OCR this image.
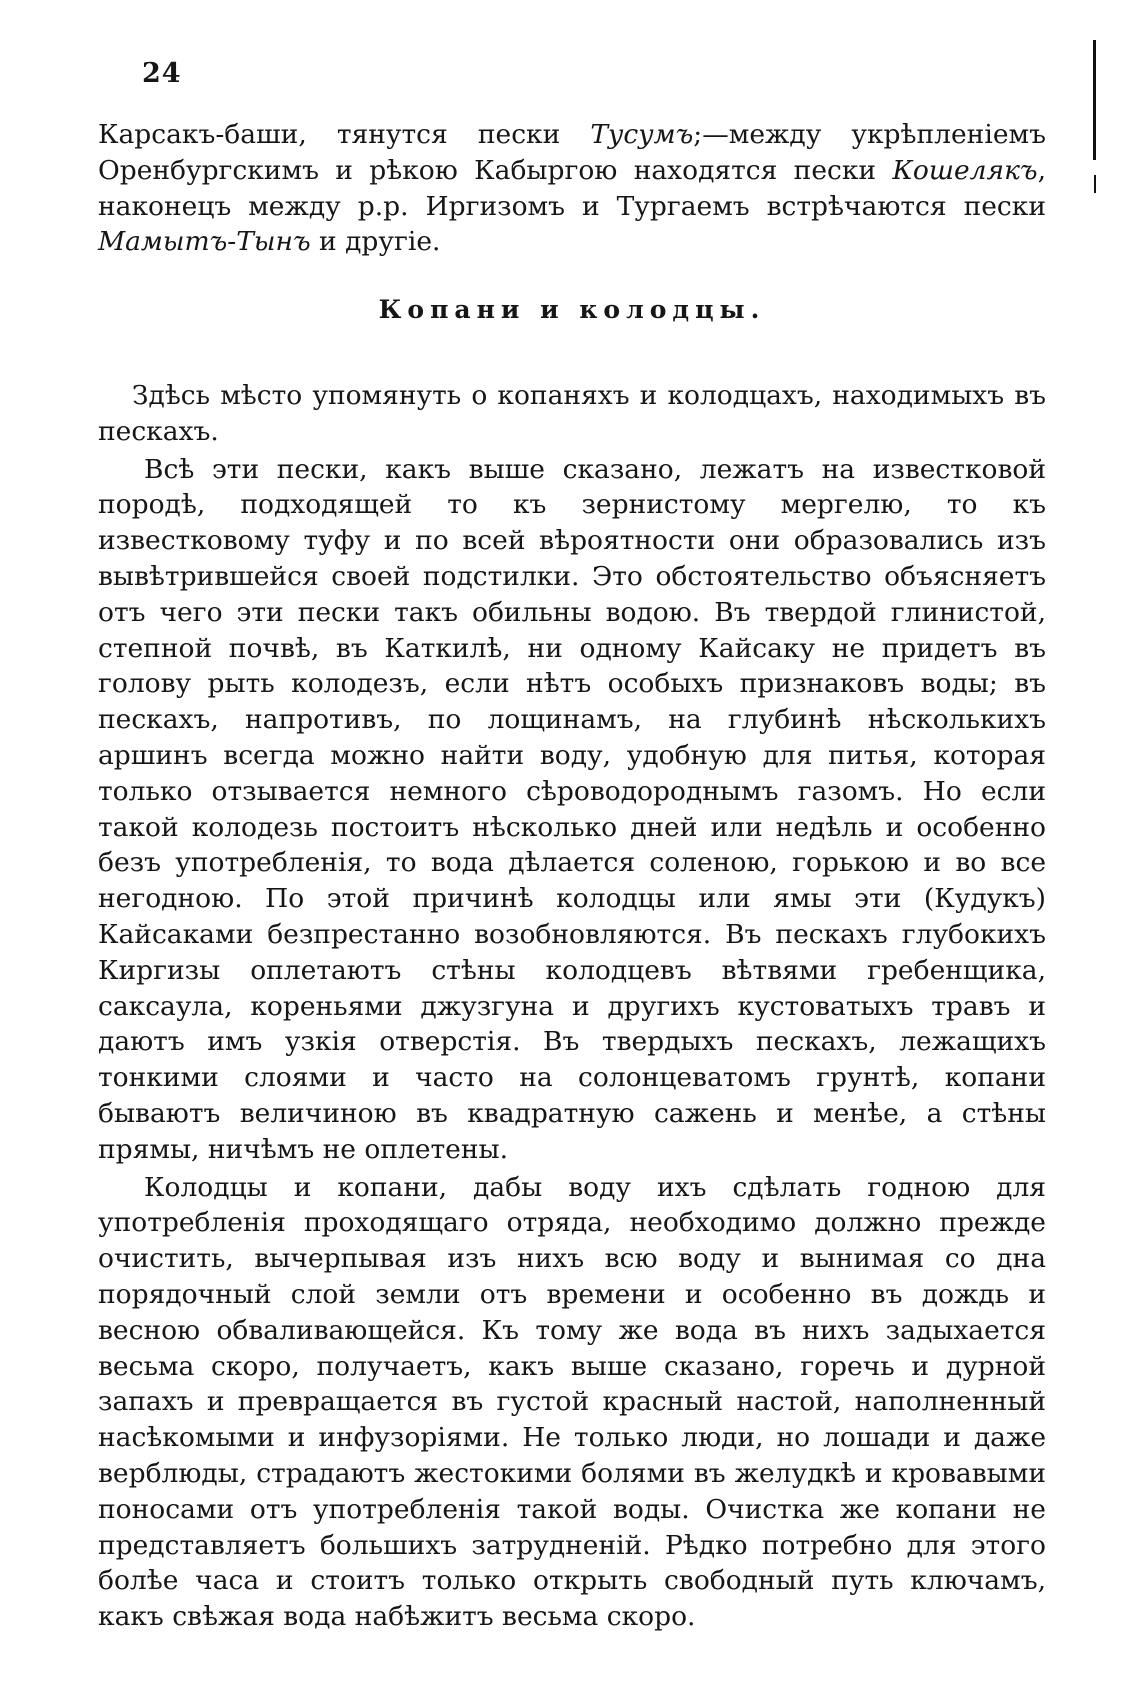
24

Карсакъ-баши, тянутся пески Тусумъ;—между укрѣпленіемъ Оренбургскимъ и рѣкою Кабыргою находятся пески Кошелякъ, наконецъ между р.р. Иргизомъ и Тургаемъ встрѣчаются пески Мамытъ-Тынъ и другіе.

Копани и колодцы.

Здѣсь мѣсто упомянуть о копаняхъ и колодцахъ, находимыхъ въ пескахъ.

Всѣ эти пески, какъ выше сказано, лежатъ на известковой породѣ, подходящей то къ зернистому мергелю, то къ известковому туфу и по всей вѣроятности они образовались изъ вывѣтрившейся своей подстилки. Это обстоятельство объясняетъ отъ чего эти пески такъ обильны водою. Въ твердой глинистой, степной почвѣ, въ Каткилѣ, ни одному Кайсаку не придетъ въ голову рыть колодезъ, если нѣтъ особыхъ признаковъ воды; въ пескахъ, напротивъ, по лощинамъ, на глубинѣ нѣсколькихъ аршинъ всегда можно найти воду, удобную для питья, которая только отзывается немного сѣроводороднымъ газомъ. Но если такой колодезь постоитъ нѣсколько дней или недѣль и особенно безъ употребленія, то вода дѣлается соленою, горькою и во все негодною. По этой причинѣ колодцы или ямы эти (Кудукъ) Кайсаками безпрестанно возобновляются. Въ пескахъ глубокихъ Киргизы оплетаютъ стѣны колодцевъ вѣтвями гребенщика, саксаула, кореньями джузгуна и другихъ кустоватыхъ травъ и даютъ имъ узкія отверстія. Въ твердыхъ пескахъ, лежащихъ тонкими слоями и часто на солонцеватомъ грунтѣ, копани бываютъ величиною въ квадратную сажень и менѣе, а стѣны прямы, ничѣмъ не оплетены.

Колодцы и копани, дабы воду ихъ сдѣлать годною для употребленія проходящаго отряда, необходимо должно прежде очистить, вычерпывая изъ нихъ всю воду и вынимая со дна порядочный слой земли отъ времени и особенно въ дождь и весною обваливающейся. Къ тому же вода въ нихъ задыхается весьма скоро, получаетъ, какъ выше сказано, горечь и дурной запахъ и превращается въ густой красный настой, наполненный насѣкомыми и инфузоріями. Не только люди, но лошади и даже верблюды, страдаютъ жестокими болями въ желудкѣ и кровавыми поносами отъ употребленія такой воды. Очистка же копани не представляетъ большихъ затрудненій. Рѣдко потребно для этого болѣе часа и стоитъ только открыть свободный путь ключамъ, какъ свѣжая вода набѣжитъ весьма скоро.
